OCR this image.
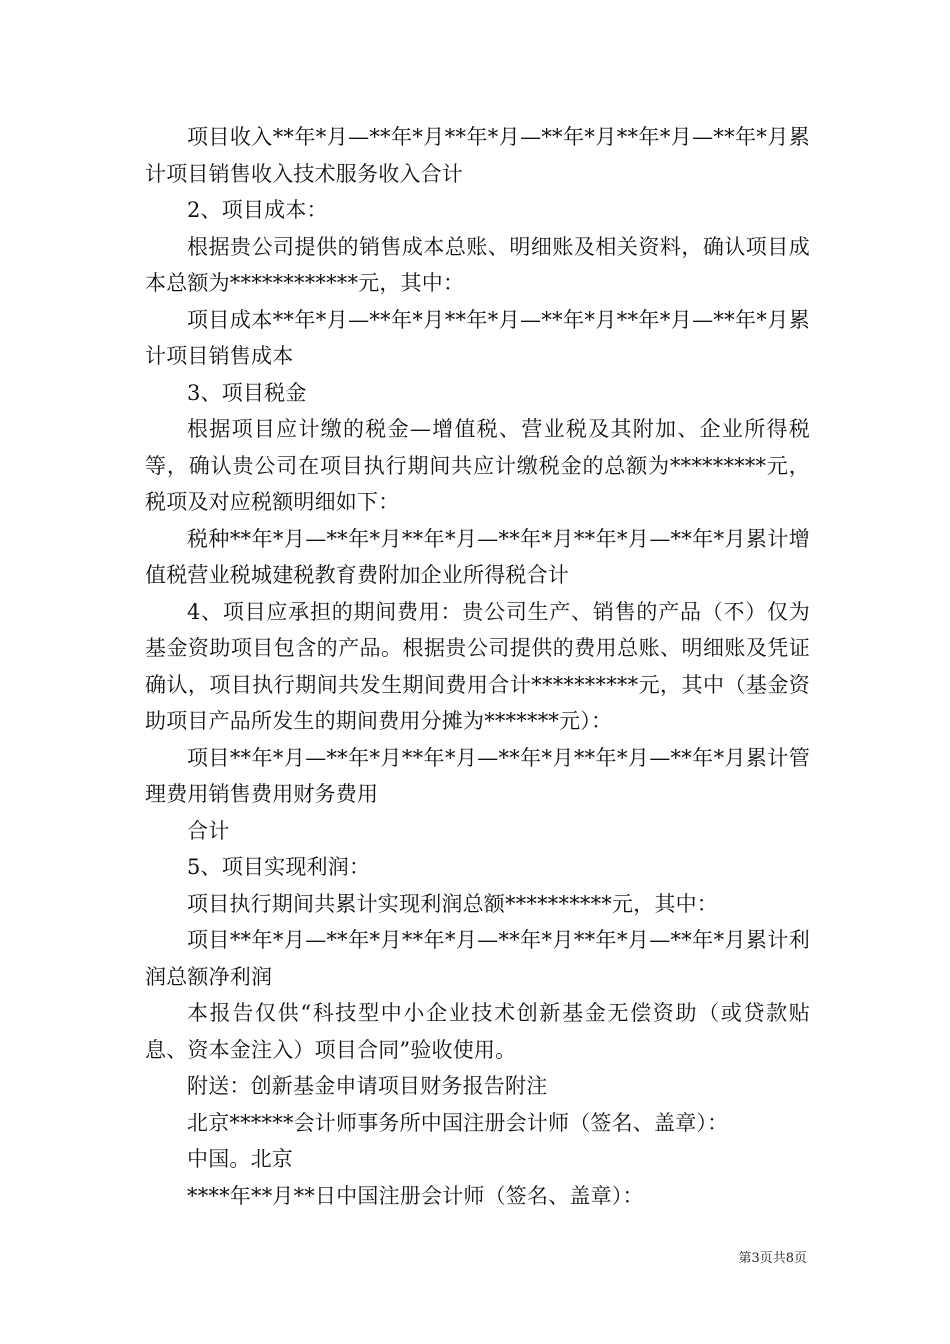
项目收入**年*月—**年*月**年*月—**年*月**年*月—**年*月累计项目销售收入技术服务收入合计

2、项目成本：

根据贵公司提供的销售成本总账、明细账及相关资料，确认项目成本总额为************元，其中：

项目成本**年*月—**年*月**年*月—**年*月**年*月—**年*月累计项目销售成本

3、项目税金

根据项目应计缴的税金—增值税、营业税及其附加、企业所得税等，确认贵公司在项目执行期间共应计缴税金的总额为*********元，税项及对应税额明细如下：

税种**年*月—**年*月**年*月—**年*月**年*月—**年*月累计增值税营业税城建税教育费附加企业所得税合计

4、项目应承担的期间费用：贵公司生产、销售的产品（不）仅为基金资助项目包含的产品。根据贵公司提供的费用总账、明细账及凭证确认，项目执行期间共发生期间费用合计**********元，其中（基金资助项目产品所发生的期间费用分摊为*******元）：

项目**年*月—**年*月**年*月—**年*月**年*月—**年*月累计管理费用销售费用财务费用

合计

5、项目实现利润：

项目执行期间共累计实现利润总额**********元，其中：

项目**年*月—**年*月**年*月—**年*月**年*月—**年*月累计利润总额净利润

本报告仅供“科技型中小企业技术创新基金无偿资助（或贷款贴息、资本金注入）项目合同”验收使用。

附送：创新基金申请项目财务报告附注

北京******会计师事务所中国注册会计师（签名、盖章）：

中国。北京

****年**月**日中国注册会计师（签名、盖章）：

第3页共8页
